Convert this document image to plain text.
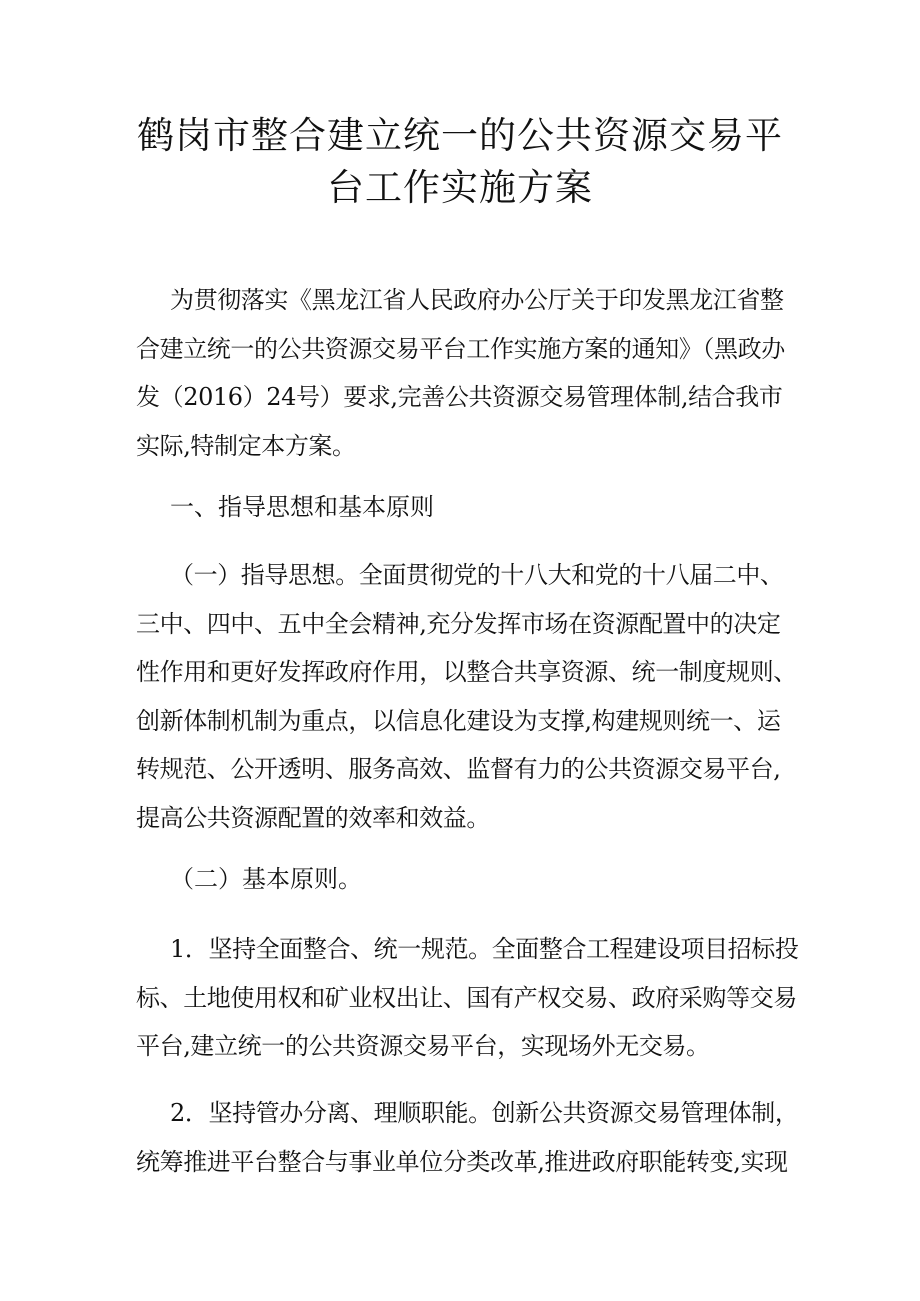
鹤岗市整合建立统一的公共资源交易平
台工作实施方案
为贯彻落实《黑龙江省人民政府办公厅关于印发黑龙江省整
合建立统一的公共资源交易平台工作实施方案的通知》（黑政办
发（2016）24号）要求,完善公共资源交易管理体制,结合我市
实际,特制定本方案。
一、指导思想和基本原则
（一）指导思想。全面贯彻党的十八大和党的十八届二中、
三中、四中、五中全会精神,充分发挥市场在资源配置中的决定
性作用和更好发挥政府作用，以整合共享资源、统一制度规则、
创新体制机制为重点，以信息化建设为支撑,构建规则统一、运
转规范、公开透明、服务高效、监督有力的公共资源交易平台,
提高公共资源配置的效率和效益。
（二）基本原则。
1．坚持全面整合、统一规范。全面整合工程建设项目招标投
标、土地使用权和矿业权出让、国有产权交易、政府采购等交易
平台,建立统一的公共资源交易平台，实现场外无交易。
2．坚持管办分离、理顺职能。创新公共资源交易管理体制，
统筹推进平台整合与事业单位分类改革,推进政府职能转变,实现
